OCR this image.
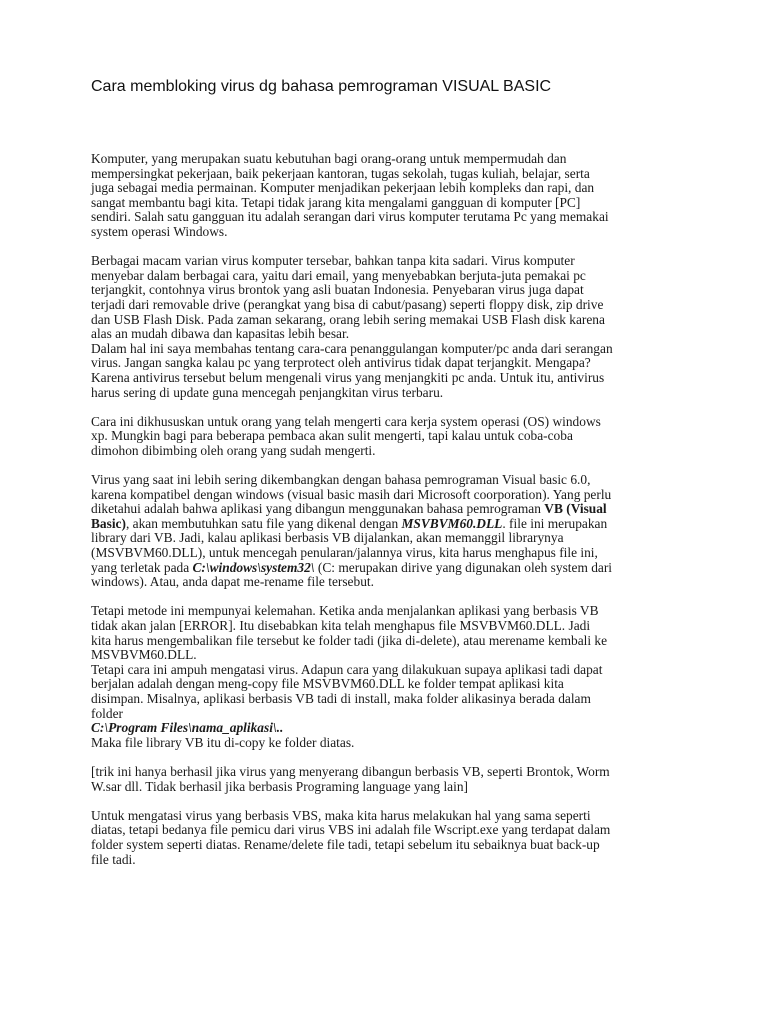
Cara membloking virus dg bahasa pemrograman VISUAL BASIC
Komputer, yang merupakan suatu kebutuhan bagi orang-orang untuk mempermudah dan
mempersingkat pekerjaan, baik pekerjaan kantoran, tugas sekolah, tugas kuliah, belajar, serta
juga sebagai media permainan. Komputer menjadikan pekerjaan lebih kompleks dan rapi, dan
sangat membantu bagi kita. Tetapi tidak jarang kita mengalami gangguan di komputer [PC]
sendiri. Salah satu gangguan itu adalah serangan dari virus komputer terutama Pc yang memakai
system operasi Windows.
Berbagai macam varian virus komputer tersebar, bahkan tanpa kita sadari. Virus komputer
menyebar dalam berbagai cara, yaitu dari email, yang menyebabkan berjuta-juta pemakai pc
terjangkit, contohnya virus brontok yang asli buatan Indonesia. Penyebaran virus juga dapat
terjadi dari removable drive (perangkat yang bisa di cabut/pasang) seperti floppy disk, zip drive
dan USB Flash Disk. Pada zaman sekarang, orang lebih sering memakai USB Flash disk karena
alas an mudah dibawa dan kapasitas lebih besar.
Dalam hal ini saya membahas tentang cara-cara penanggulangan komputer/pc anda dari serangan
virus. Jangan sangka kalau pc yang terprotect oleh antivirus tidak dapat terjangkit. Mengapa?
Karena antivirus tersebut belum mengenali virus yang menjangkiti pc anda. Untuk itu, antivirus
harus sering di update guna mencegah penjangkitan virus terbaru.
Cara ini dikhususkan untuk orang yang telah mengerti cara kerja system operasi (OS) windows
xp. Mungkin bagi para beberapa pembaca akan sulit mengerti, tapi kalau untuk coba-coba
dimohon dibimbing oleh orang yang sudah mengerti.
Virus yang saat ini lebih sering dikembangkan dengan bahasa pemrograman Visual basic 6.0,
karena kompatibel dengan windows (visual basic masih dari Microsoft coorporation). Yang perlu
diketahui adalah bahwa aplikasi yang dibangun menggunakan bahasa pemrograman VB (Visual
Basic), akan membutuhkan satu file yang dikenal dengan MSVBVM60.DLL. file ini merupakan
library dari VB. Jadi, kalau aplikasi berbasis VB dijalankan, akan memanggil librarynya
(MSVBVM60.DLL), untuk mencegah penularan/jalannya virus, kita harus menghapus file ini,
yang terletak pada C:\windows\system32\ (C: merupakan dirive yang digunakan oleh system dari
windows). Atau, anda dapat me-rename file tersebut.
Tetapi metode ini mempunyai kelemahan. Ketika anda menjalankan aplikasi yang berbasis VB
tidak akan jalan [ERROR]. Itu disebabkan kita telah menghapus file MSVBVM60.DLL. Jadi
kita harus mengembalikan file tersebut ke folder tadi (jika di-delete), atau merename kembali ke
MSVBVM60.DLL.
Tetapi cara ini ampuh mengatasi virus. Adapun cara yang dilakukuan supaya aplikasi tadi dapat
berjalan adalah dengan meng-copy file MSVBVM60.DLL ke folder tempat aplikasi kita
disimpan. Misalnya, aplikasi berbasis VB tadi di install, maka folder alikasinya berada dalam
folder
C:\Program Files\nama_aplikasi\..
Maka file library VB itu di-copy ke folder diatas.
[trik ini hanya berhasil jika virus yang menyerang dibangun berbasis VB, seperti Brontok, Worm
W.sar dll. Tidak berhasil jika berbasis Programing language yang lain]
Untuk mengatasi virus yang berbasis VBS, maka kita harus melakukan hal yang sama seperti
diatas, tetapi bedanya file pemicu dari virus VBS ini adalah file Wscript.exe yang terdapat dalam
folder system seperti diatas. Rename/delete file tadi, tetapi sebelum itu sebaiknya buat back-up
file tadi.
